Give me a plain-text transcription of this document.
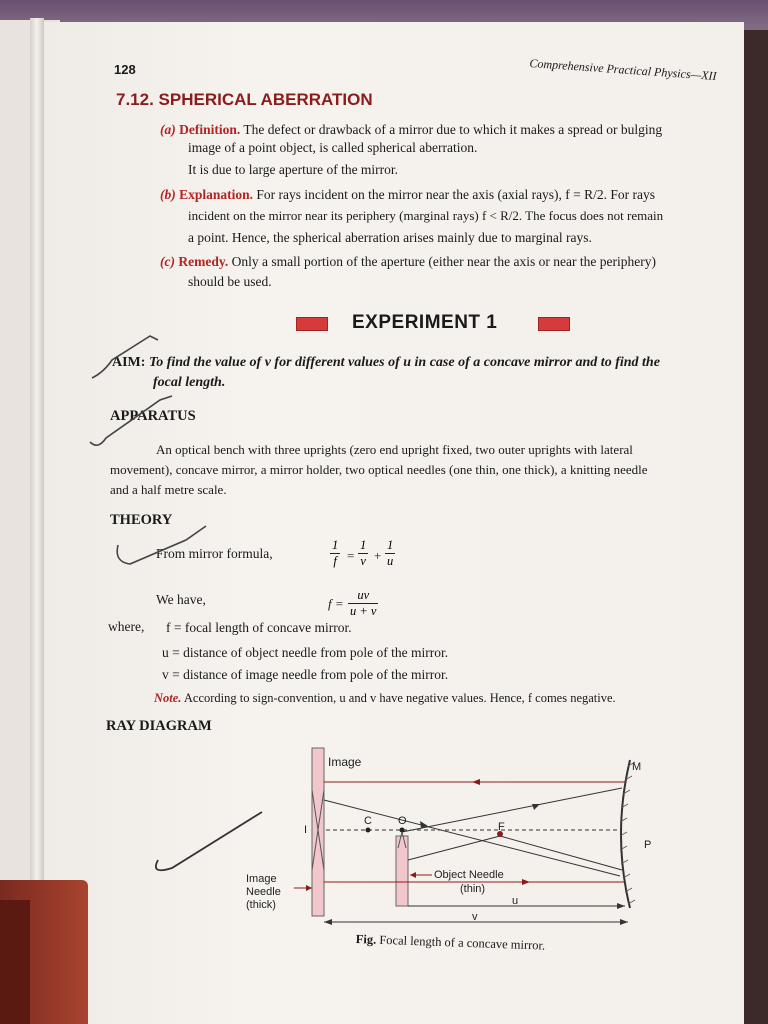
128	Comprehensive Practical Physics—XII
7.12. SPHERICAL ABERRATION
(a) Definition. The defect or drawback of a mirror due to which it makes a spread or bulging
image of a point object, is called spherical aberration.
It is due to large aperture of the mirror.
(b) Explanation. For rays incident on the mirror near the axis (axial rays), f = R/2. For rays
incident on the mirror near its periphery (marginal rays) f < R/2. The focus does not remain
a point. Hence, the spherical aberration arises mainly due to marginal rays.
(c) Remedy. Only a small portion of the aperture (either near the axis or near the periphery)
should be used.
EXPERIMENT 1
AIM: To find the value of v for different values of u in case of a concave mirror and to find the
focal length.
APPARATUS
An optical bench with three uprights (zero end upright fixed, two outer uprights with lateral
movement), concave mirror, a mirror holder, two optical needles (one thin, one thick), a knitting needle
and a half metre scale.
THEORY
From mirror formula,	$\frac{1}{f} = \frac{1}{v} + \frac{1}{u}$
We have,	$f = \frac{uv}{u + v}$
where, f = focal length of concave mirror.
u = distance of object needle from pole of the mirror.
v = distance of image needle from pole of the mirror.
Note. According to sign-convention, u and v have negative values. Hence, f comes negative.
RAY DIAGRAM
Image	M
I
C O	F
P
Object Needle
(thin)
Image
Needle
(thick)	u
v
Fig. Focal length of a concave mirror.
